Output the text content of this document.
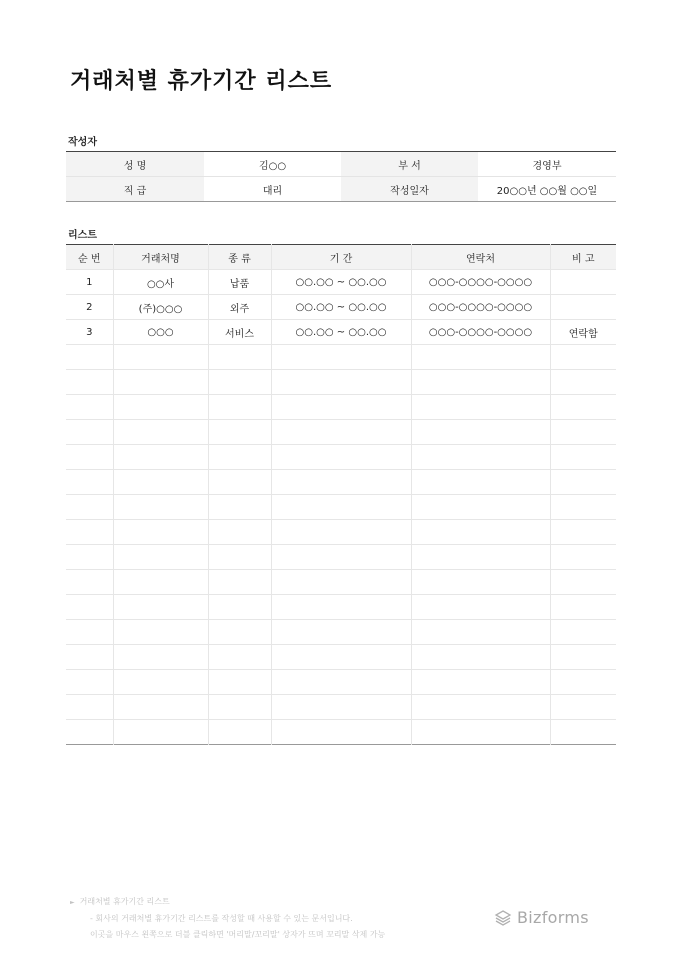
거래처별 휴가기간 리스트
작성자
성 명	김○○	부 서	경영부
직 급	대리	작성일자	20○○년 ○○월 ○○일
리스트
순 번	거래처명	종 류	기 간	연락처	비 고
1	○○사	납품	○○.○○ ~ ○○.○○	○○○-○○○○-○○○○	
2	(주)○○○	외주	○○.○○ ~ ○○.○○	○○○-○○○○-○○○○	
3	○○○	서비스	○○.○○ ~ ○○.○○	○○○-○○○○-○○○○	연락함

► 거래처별 휴가기간 리스트
- 회사의 거래처별 휴가기간 리스트를 작성할 때 사용할 수 있는 문서입니다.
이곳을 마우스 왼쪽으로 더블 클릭하면 '머리말/꼬리말' 상자가 뜨며 꼬리말 삭제 가능
Bizforms
